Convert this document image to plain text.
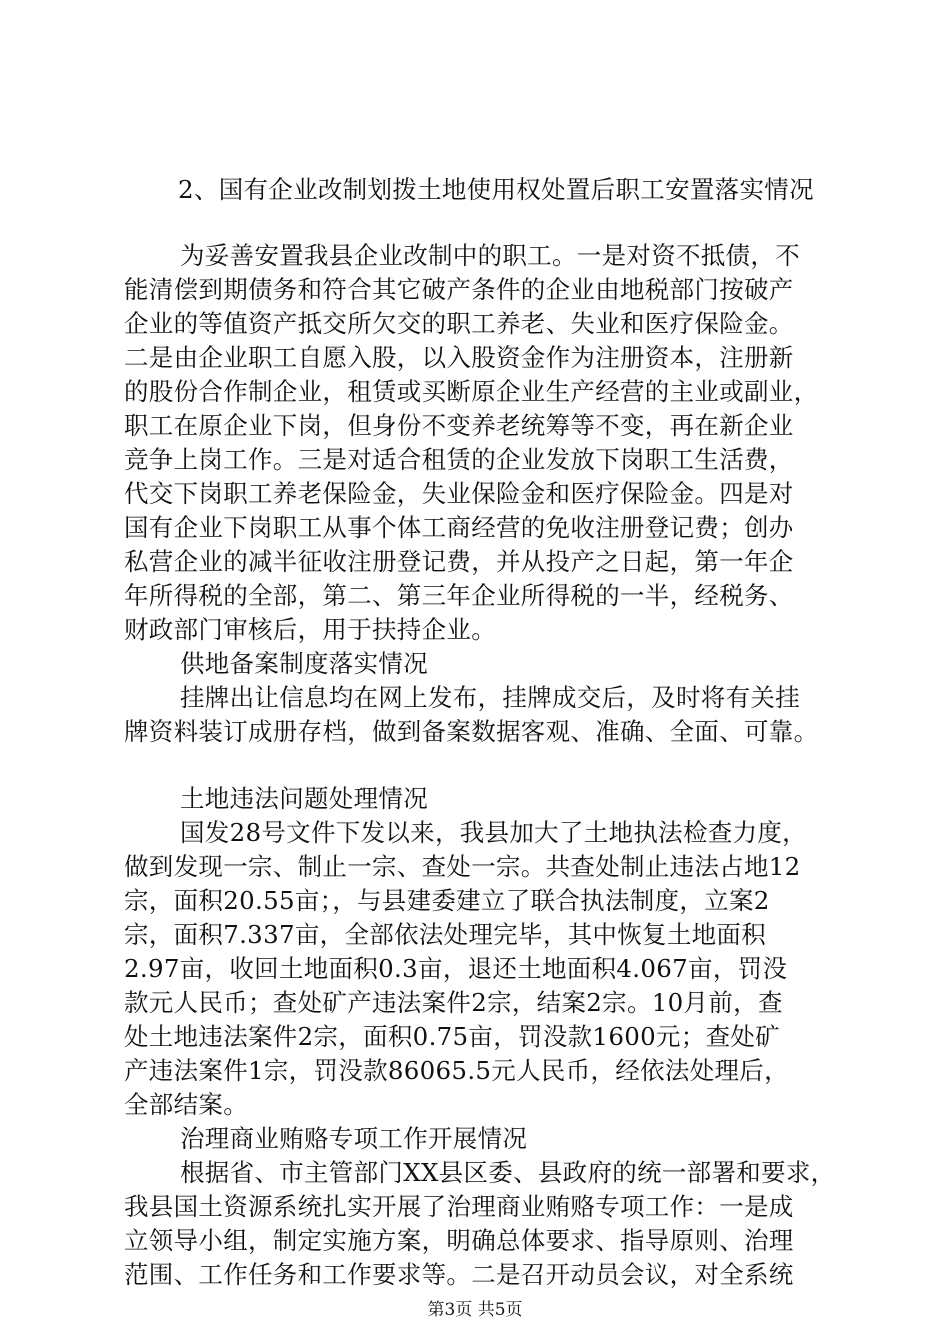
2、国有企业改制划拨土地使用权处置后职工安置落实情况
为妥善安置我县企业改制中的职工。一是对资不抵债，不
能清偿到期债务和符合其它破产条件的企业由地税部门按破产
企业的等值资产抵交所欠交的职工养老、失业和医疗保险金。
二是由企业职工自愿入股，以入股资金作为注册资本，注册新
的股份合作制企业，租赁或买断原企业生产经营的主业或副业，
职工在原企业下岗，但身份不变养老统筹等不变，再在新企业
竞争上岗工作。三是对适合租赁的企业发放下岗职工生活费，
代交下岗职工养老保险金，失业保险金和医疗保险金。四是对
国有企业下岗职工从事个体工商经营的免收注册登记费；创办
私营企业的减半征收注册登记费，并从投产之日起，第一年企
年所得税的全部，第二、第三年企业所得税的一半，经税务、
财政部门审核后，用于扶持企业。
供地备案制度落实情况
挂牌出让信息均在网上发布，挂牌成交后，及时将有关挂
牌资料装订成册存档，做到备案数据客观、准确、全面、可靠。
土地违法问题处理情况
国发28号文件下发以来，我县加大了土地执法检查力度，
做到发现一宗、制止一宗、查处一宗。共查处制止违法占地12
宗，面积20.55亩；，与县建委建立了联合执法制度，立案2
宗，面积7.337亩，全部依法处理完毕，其中恢复土地面积
2.97亩，收回土地面积0.3亩，退还土地面积4.067亩，罚没
款元人民币；查处矿产违法案件2宗，结案2宗。10月前，查
处土地违法案件2宗，面积0.75亩，罚没款1600元；查处矿
产违法案件1宗，罚没款86065.5元人民币，经依法处理后，
全部结案。
治理商业贿赂专项工作开展情况
根据省、市主管部门XX县区委、县政府的统一部署和要求，
我县国土资源系统扎实开展了治理商业贿赂专项工作：一是成
立领导小组，制定实施方案，明确总体要求、指导原则、治理
范围、工作任务和工作要求等。二是召开动员会议，对全系统
第3页 共5页
